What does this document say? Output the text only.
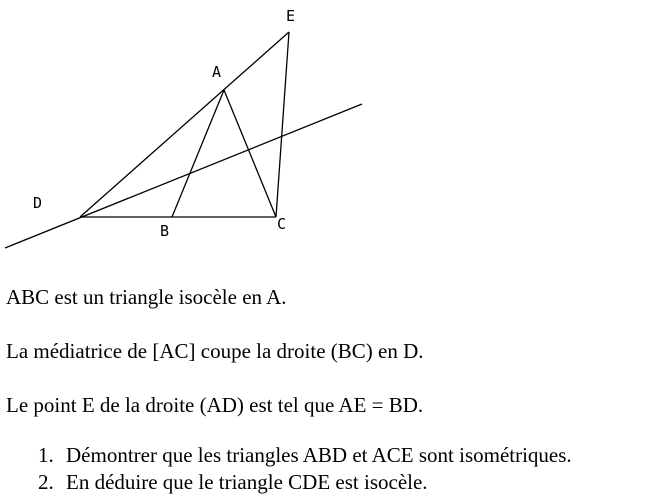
E
A
D
B	C

ABC est un triangle isocèle en A.

La médiatrice de [AC] coupe la droite (BC) en D.

Le point E de la droite (AD) est tel que AE = BD.

1. Démontrer que les triangles ABD et ACE sont isométriques.
2. En déduire que le triangle CDE est isocèle.
